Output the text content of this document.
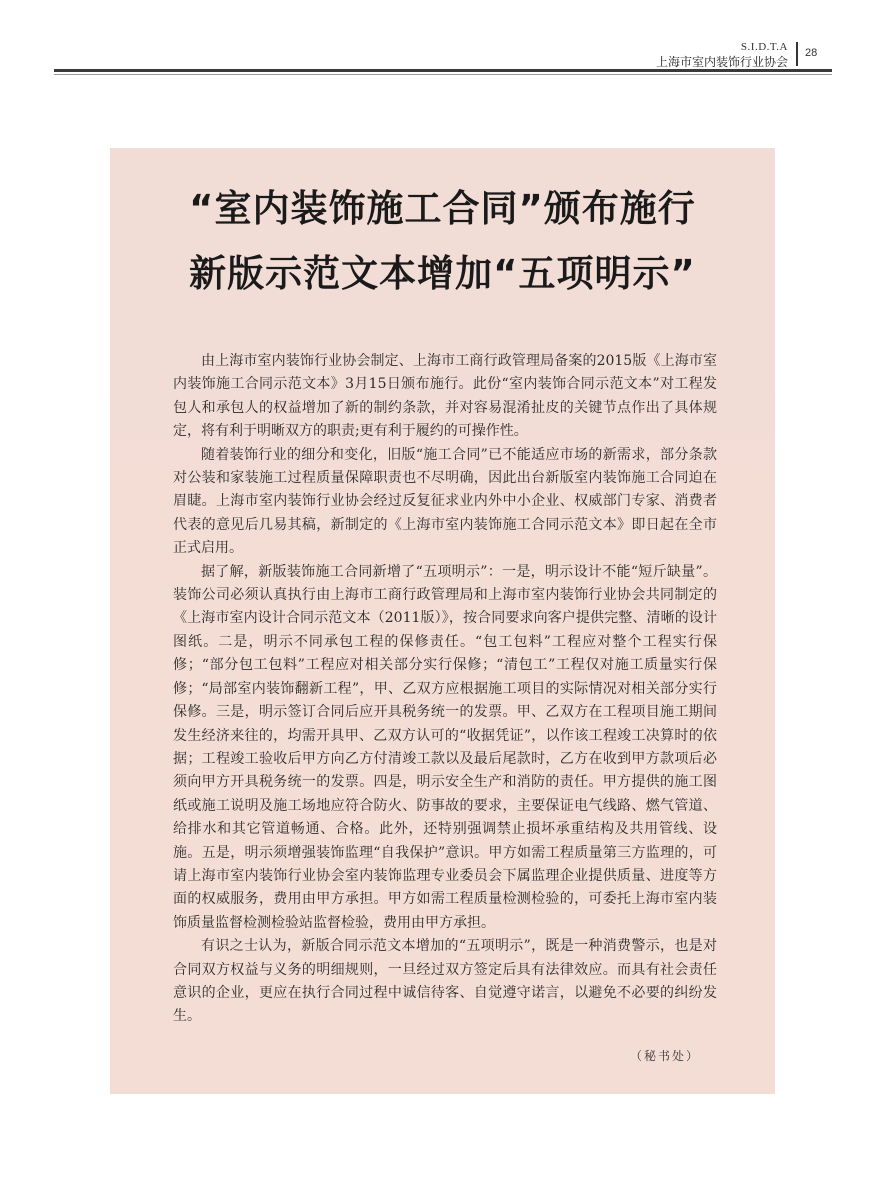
S.I.D.T.A
上海市室内装饰行业协会
28
“室内装饰施工合同”颁布施行
新版示范文本增加“五项明示”

由上海市室内装饰行业协会制定、上海市工商行政管理局备案的2015版《上海市室内装饰施工合同示范文本》3月15日颁布施行。此份“室内装饰合同示范文本”对工程发包人和承包人的权益增加了新的制约条款，并对容易混淆扯皮的关键节点作出了具体规定，将有利于明晰双方的职责;更有利于履约的可操作性。

随着装饰行业的细分和变化，旧版“施工合同”已不能适应市场的新需求，部分条款对公装和家装施工过程质量保障职责也不尽明确，因此出台新版室内装饰施工合同迫在眉睫。上海市室内装饰行业协会经过反复征求业内外中小企业、权威部门专家、消费者代表的意见后几易其稿，新制定的《上海市室内装饰施工合同示范文本》即日起在全市正式启用。

据了解，新版装饰施工合同新增了“五项明示”：一是，明示设计不能“短斤缺量”。装饰公司必须认真执行由上海市工商行政管理局和上海市室内装饰行业协会共同制定的《上海市室内设计合同示范文本（2011版）》，按合同要求向客户提供完整、清晰的设计图纸。二是，明示不同承包工程的保修责任。“包工包料”工程应对整个工程实行保修；“部分包工包料”工程应对相关部分实行保修；“清包工”工程仅对施工质量实行保修；“局部室内装饰翻新工程”，甲、乙双方应根据施工项目的实际情况对相关部分实行保修。三是，明示签订合同后应开具税务统一的发票。甲、乙双方在工程项目施工期间发生经济来往的，均需开具甲、乙双方认可的“收据凭证”，以作该工程竣工决算时的依据；工程竣工验收后甲方向乙方付清竣工款以及最后尾款时，乙方在收到甲方款项后必须向甲方开具税务统一的发票。四是，明示安全生产和消防的责任。甲方提供的施工图纸或施工说明及施工场地应符合防火、防事故的要求，主要保证电气线路、燃气管道、给排水和其它管道畅通、合格。此外，还特别强调禁止损坏承重结构及共用管线、设施。五是，明示须增强装饰监理“自我保护”意识。甲方如需工程质量第三方监理的，可请上海市室内装饰行业协会室内装饰监理专业委员会下属监理企业提供质量、进度等方面的权威服务，费用由甲方承担。甲方如需工程质量检测检验的，可委托上海市室内装饰质量监督检测检验站监督检验，费用由甲方承担。

有识之士认为，新版合同示范文本增加的“五项明示”，既是一种消费警示，也是对合同双方权益与义务的明细规则，一旦经过双方签定后具有法律效应。而具有社会责任意识的企业，更应在执行合同过程中诚信待客、自觉遵守诺言，以避免不必要的纠纷发生。

（秘书处）
